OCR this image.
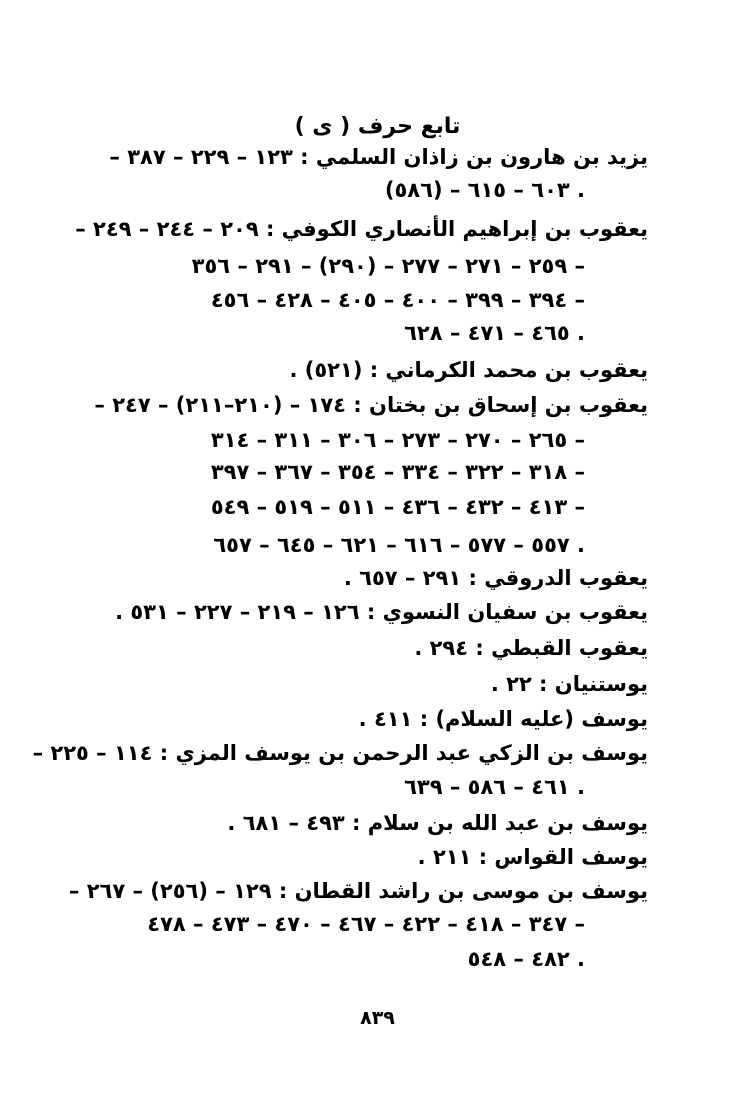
تابع حرف ( ى )
يزيد بن هارون بن زاذان السلمي : ١٢٣ – ٢٢٩ – ٣٨٧ –
(٥٨٦) – ٦٠٣ – ٦١٥ .
يعقوب بن إبراهيم الأنصاري الكوفي : ٢٠٩ – ٢٤٤ – ٢٤٩ –
٢٥٩ – ٢٧١ – ٢٧٧ – (٢٩٠) – ٢٩١ – ٣٥٦ –
٣٩٤ – ٣٩٩ – ٤٠٠ – ٤٠٥ – ٤٢٨ – ٤٥٦ –
٤٦٥ – ٤٧١ – ٦٢٨ .
يعقوب بن محمد الكرماني : (٥٢١) .
يعقوب بن إسحاق بن بختان : ١٧٤ – (٢١٠–٢١١) – ٢٤٧ –
٢٦٥ – ٢٧٠ – ٢٧٣ – ٣٠٦ – ٣١١ – ٣١٤ –
٣١٨ – ٣٢٢ – ٣٣٤ – ٣٥٤ – ٣٦٧ – ٣٩٧ –
٤١٣ – ٤٣٢ – ٤٣٦ – ٥١١ – ٥١٩ – ٥٤٩ –
٥٥٧ – ٥٧٧ – ٦١٦ – ٦٢١ – ٦٤٥ – ٦٥٧ .
يعقوب الدروقي : ٢٩١ – ٦٥٧ .
يعقوب بن سفيان النسوي : ١٢٦ – ٢١٩ – ٢٢٧ – ٥٣١ .
يعقوب القبطي : ٢٩٤ .
يوستنيان : ٢٢ .
يوسف (عليه السلام) : ٤١١ .
يوسف بن الزكي عبد الرحمن بن يوسف المزي : ١١٤ – ٢٢٥ –
٤٦١ – ٥٨٦ – ٦٣٩ .
يوسف بن عبد الله بن سلام : ٤٩٣ – ٦٨١ .
يوسف القواس : ٢١١ .
يوسف بن موسى بن راشد القطان : ١٢٩ – (٢٥٦) – ٢٦٧ –
٣٤٧ – ٤١٨ – ٤٢٢ – ٤٦٧ – ٤٧٠ – ٤٧٣ – ٤٧٨ –
٤٨٢ – ٥٤٨ .
٨٣٩
